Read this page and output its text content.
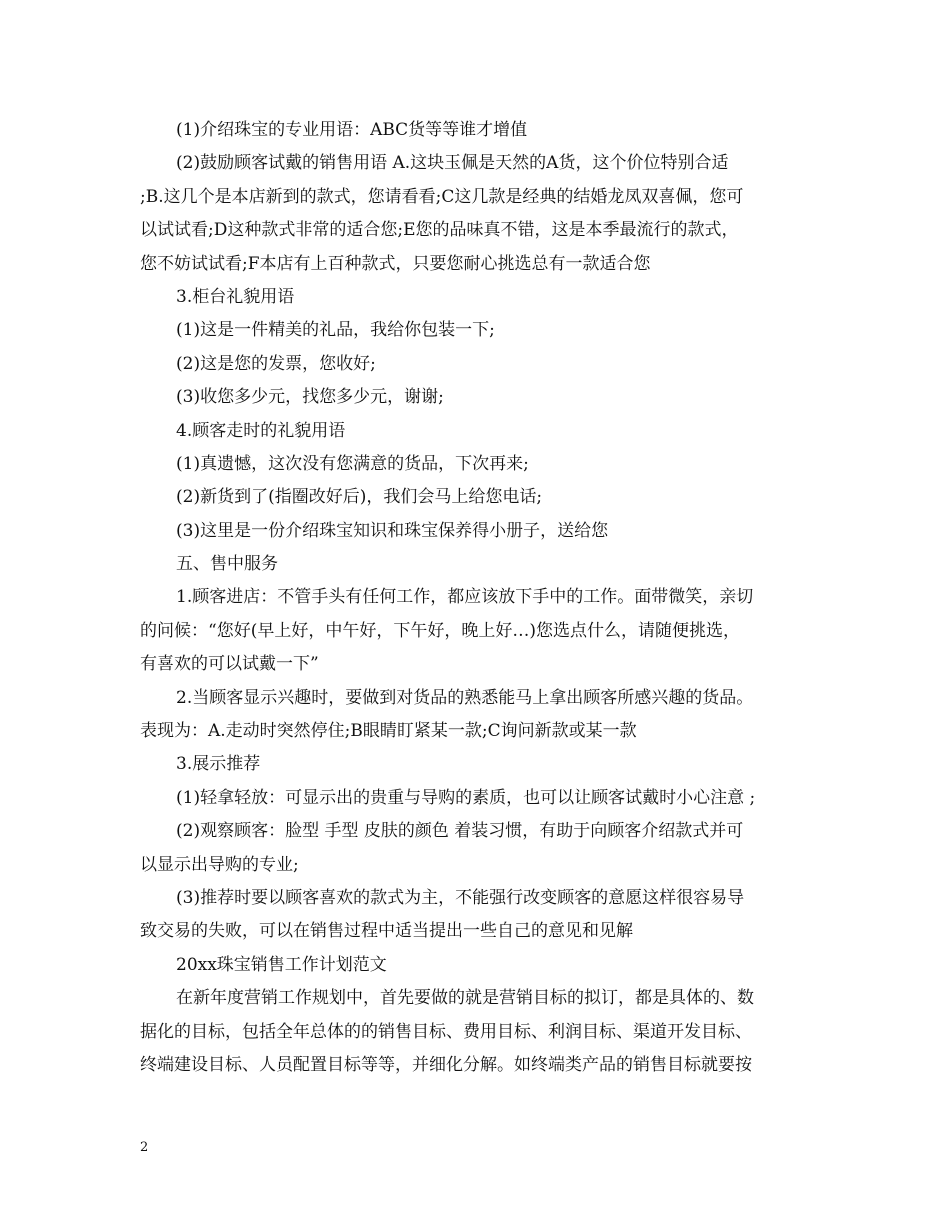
(1)介绍珠宝的专业用语：ABC货等等谁才增值
(2)鼓励顾客试戴的销售用语 A.这块玉佩是天然的A货，这个价位特别合适
;B.这几个是本店新到的款式，您请看看;C这几款是经典的结婚龙凤双喜佩，您可
以试试看;D这种款式非常的适合您;E您的品味真不错，这是本季最流行的款式，
您不妨试试看;F本店有上百种款式，只要您耐心挑选总有一款适合您
3.柜台礼貌用语
(1)这是一件精美的礼品，我给你包装一下;
(2)这是您的发票，您收好;
(3)收您多少元，找您多少元，谢谢;
4.顾客走时的礼貌用语
(1)真遗憾，这次没有您满意的货品，下次再来;
(2)新货到了(指圈改好后)，我们会马上给您电话;
(3)这里是一份介绍珠宝知识和珠宝保养得小册子，送给您
五、售中服务
1.顾客进店：不管手头有任何工作，都应该放下手中的工作。面带微笑，亲切
的问候：“您好(早上好，中午好，下午好，晚上好…)您选点什么，请随便挑选，
有喜欢的可以试戴一下”
2.当顾客显示兴趣时，要做到对货品的熟悉能马上拿出顾客所感兴趣的货品。
表现为：A.走动时突然停住;B眼睛盯紧某一款;C询问新款或某一款
3.展示推荐
(1)轻拿轻放：可显示出的贵重与导购的素质，也可以让顾客试戴时小心注意 ;
(2)观察顾客：脸型 手型 皮肤的颜色 着装习惯，有助于向顾客介绍款式并可
以显示出导购的专业;
(3)推荐时要以顾客喜欢的款式为主，不能强行改变顾客的意愿这样很容易导
致交易的失败，可以在销售过程中适当提出一些自己的意见和见解
20xx珠宝销售工作计划范文
在新年度营销工作规划中，首先要做的就是营销目标的拟订，都是具体的、数
据化的目标，包括全年总体的的销售目标、费用目标、利润目标、渠道开发目标、
终端建设目标、人员配置目标等等，并细化分解。如终端类产品的销售目标就要按
2
